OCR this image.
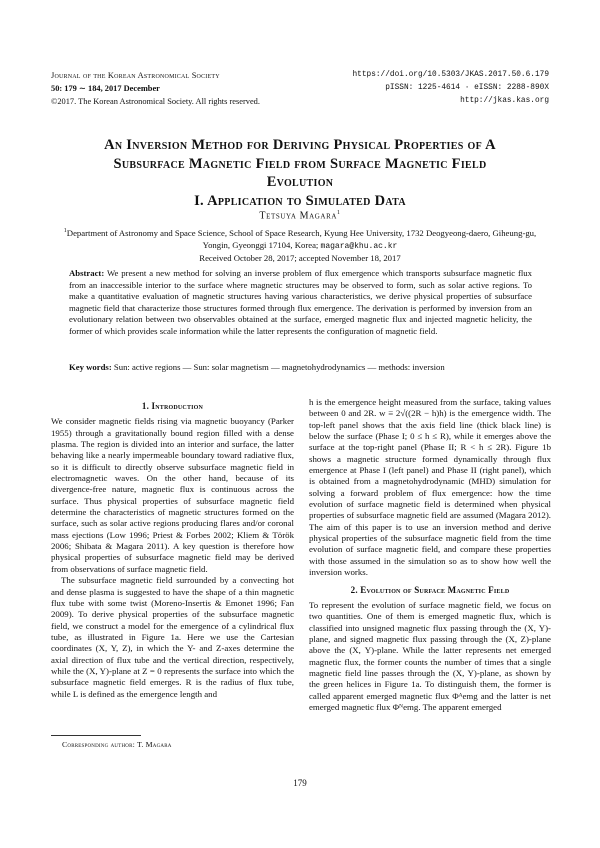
Journal of the Korean Astronomical Society
50: 179 ∼ 184, 2017 December
©2017. The Korean Astronomical Society. All rights reserved.
https://doi.org/10.5303/JKAS.2017.50.6.179
pISSN: 1225-4614 · eISSN: 2288-890X
http://jkas.kas.org
An Inversion Method for Deriving Physical Properties of A
Subsurface Magnetic Field from Surface Magnetic Field
Evolution
I. Application to Simulated Data
Tetsuya Magara$^1$
$^1$Department of Astronomy and Space Science, School of Space Research, Kyung Hee University, 1732 Deogyeong-daero, Giheung-gu, Yongin, Gyeonggi 17104, Korea; magara@khu.ac.kr
Received October 28, 2017; accepted November 18, 2017
Abstract: We present a new method for solving an inverse problem of flux emergence which transports subsurface magnetic flux from an inaccessible interior to the surface where magnetic structures may be observed to form, such as solar active regions. To make a quantitative evaluation of magnetic structures having various characteristics, we derive physical properties of subsurface magnetic field that characterize those structures formed through flux emergence. The derivation is performed by inversion from an evolutionary relation between two observables obtained at the surface, emerged magnetic flux and injected magnetic helicity, the former of which provides scale information while the latter represents the configuration of magnetic field.
Key words: Sun: active regions — Sun: solar magnetism — magnetohydrodynamics — methods: inversion
1. Introduction

We consider magnetic fields rising via magnetic buoyancy (Parker 1955) through a gravitationally bound region filled with a dense plasma. The region is divided into an interior and surface, the latter behaving like a nearly impermeable boundary toward radiative flux, so it is difficult to directly observe subsurface magnetic field in electromagnetic waves. On the other hand, because of its divergence-free nature, magnetic flux is continuous across the surface. Thus physical properties of subsurface magnetic field determine the characteristics of magnetic structures formed on the surface, such as solar active regions producing flares and/or coronal mass ejections (Low 1996; Priest & Forbes 2002; Kliem & Török 2006; Shibata & Magara 2011). A key question is therefore how physical properties of subsurface magnetic field may be derived from observations of surface magnetic field.

The subsurface magnetic field surrounded by a convecting hot and dense plasma is suggested to have the shape of a thin magnetic flux tube with some twist (Moreno-Insertis & Emonet 1996; Fan 2009). To derive physical properties of the subsurface magnetic field, we construct a model for the emergence of a cylindrical flux tube, as illustrated in Figure 1a. Here we use the Cartesian coordinates (X, Y, Z), in which the Y- and Z-axes determine the axial direction of flux tube and the vertical direction, respectively, while the (X, Y)-plane at Z = 0 represents the surface into which the subsurface magnetic field emerges. R is the radius of flux tube, while L is defined as the emergence length and

h is the emergence height measured from the surface, taking values between 0 and 2R. w ≡ 2√((2R − h)h) is the emergence width. The top-left panel shows that the axis field line (thick black line) is below the surface (Phase I; 0 ≤ h ≤ R), while it emerges above the surface at the top-right panel (Phase II; R < h ≤ 2R). Figure 1b shows a magnetic structure formed dynamically through flux emergence at Phase I (left panel) and Phase II (right panel), which is obtained from a magnetohydrodynamic (MHD) simulation for solving a forward problem of flux emergence: how the time evolution of surface magnetic field is determined when physical properties of subsurface magnetic field are assumed (Magara 2012). The aim of this paper is to use an inversion method and derive physical properties of the subsurface magnetic field from the time evolution of surface magnetic field, and compare these properties with those assumed in the simulation so as to show how well the inversion works.

2. Evolution of Surface Magnetic Field

To represent the evolution of surface magnetic field, we focus on two quantities. One of them is emerged magnetic flux, which is classified into unsigned magnetic flux passing through the (X, Y)-plane, and signed magnetic flux passing through the (X, Z)-plane above the (X, Y)-plane. While the latter represents net emerged magnetic flux, the former counts the number of times that a single magnetic field line passes through the (X, Y)-plane, as shown by the green helices in Figure 1a. To distinguish them, the former is called apparent emerged magnetic flux Φᴬemg and the latter is net emerged magnetic flux Φᴺemg. The apparent emerged

Corresponding author: T. Magara
179
